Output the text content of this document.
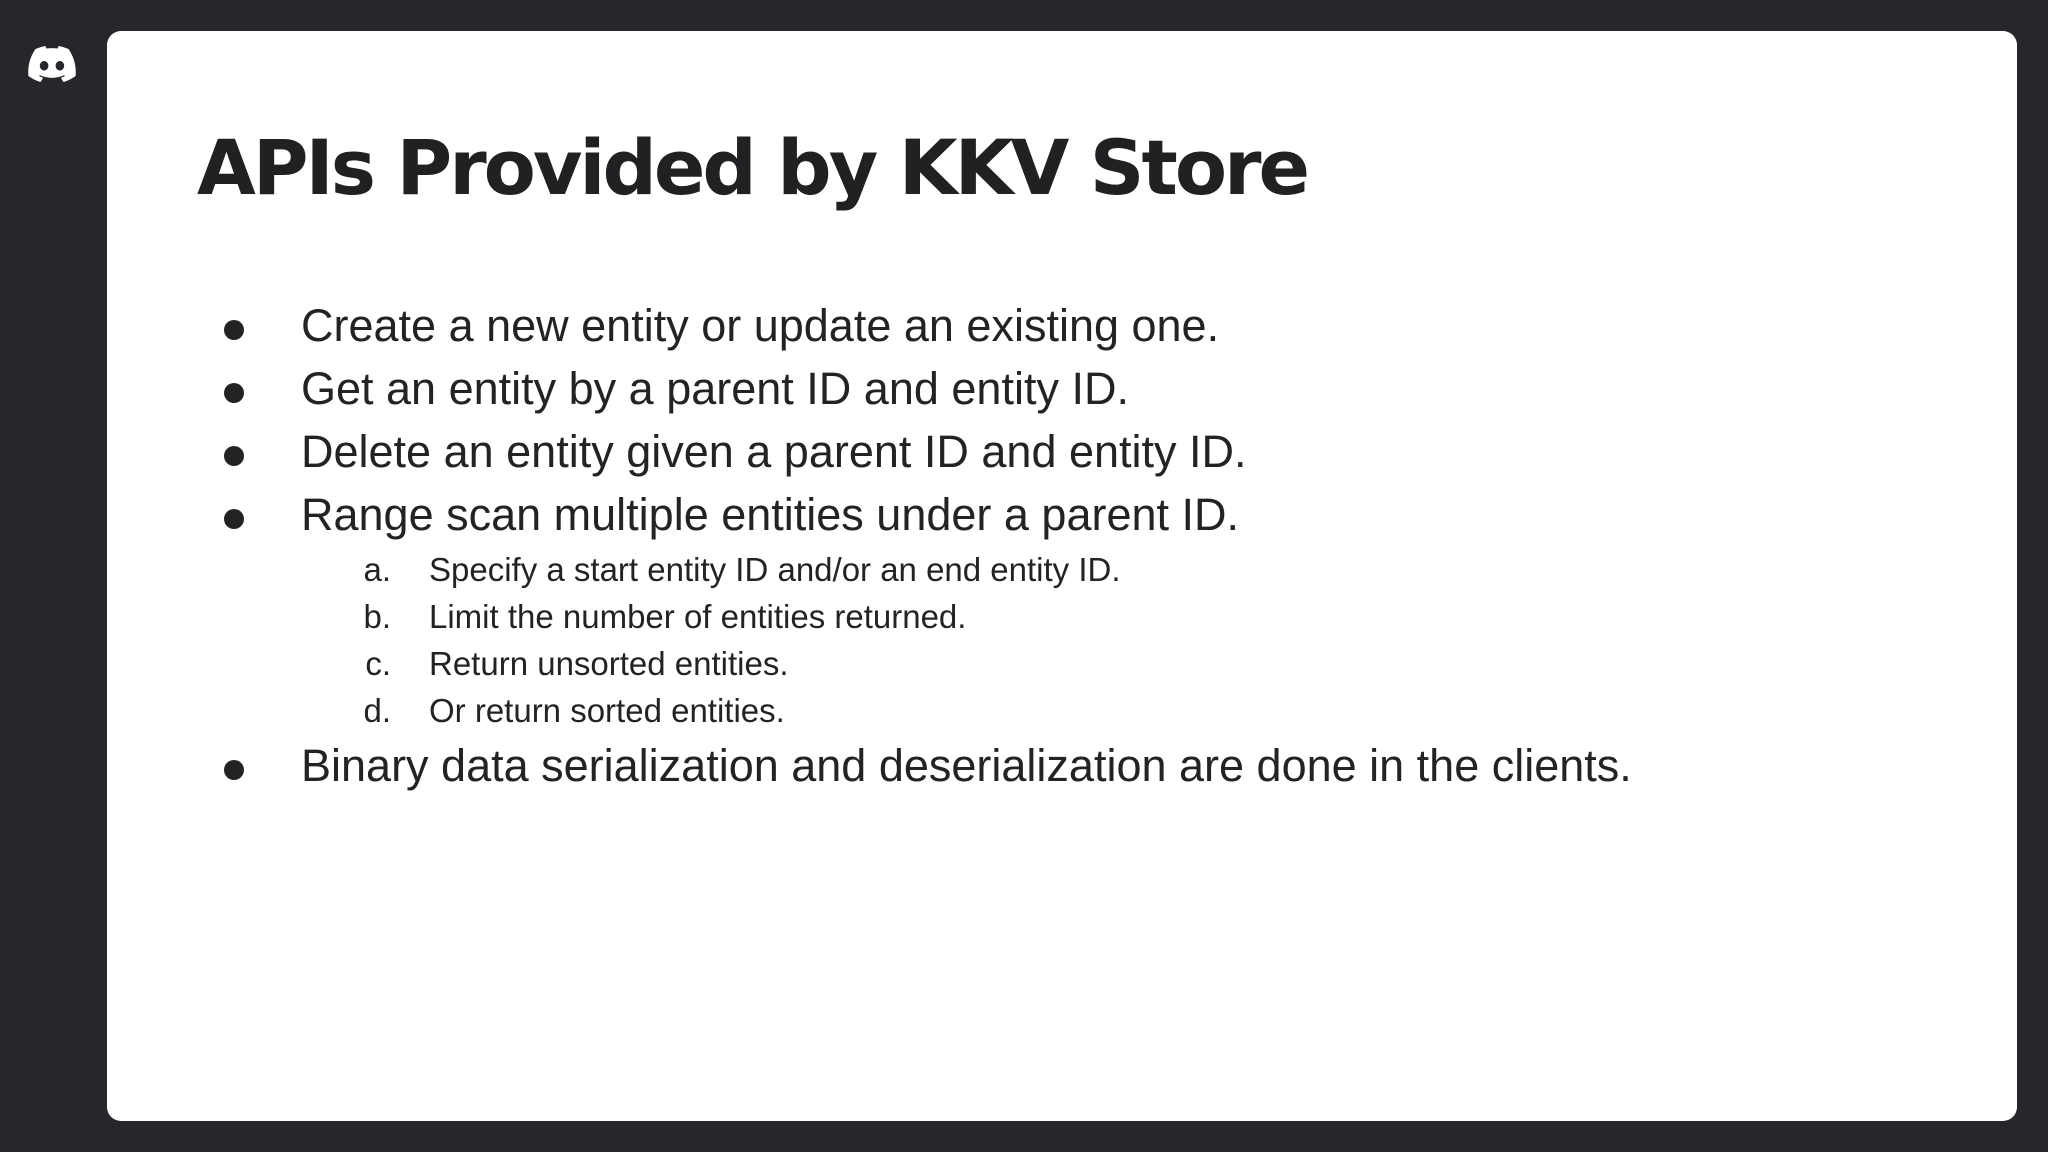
APIs Provided by KKV Store
Create a new entity or update an existing one.
Get an entity by a parent ID and entity ID.
Delete an entity given a parent ID and entity ID.
Range scan multiple entities under a parent ID.
a. Specify a start entity ID and/or an end entity ID.
b. Limit the number of entities returned.
c. Return unsorted entities.
d. Or return sorted entities.
Binary data serialization and deserialization are done in the clients.
